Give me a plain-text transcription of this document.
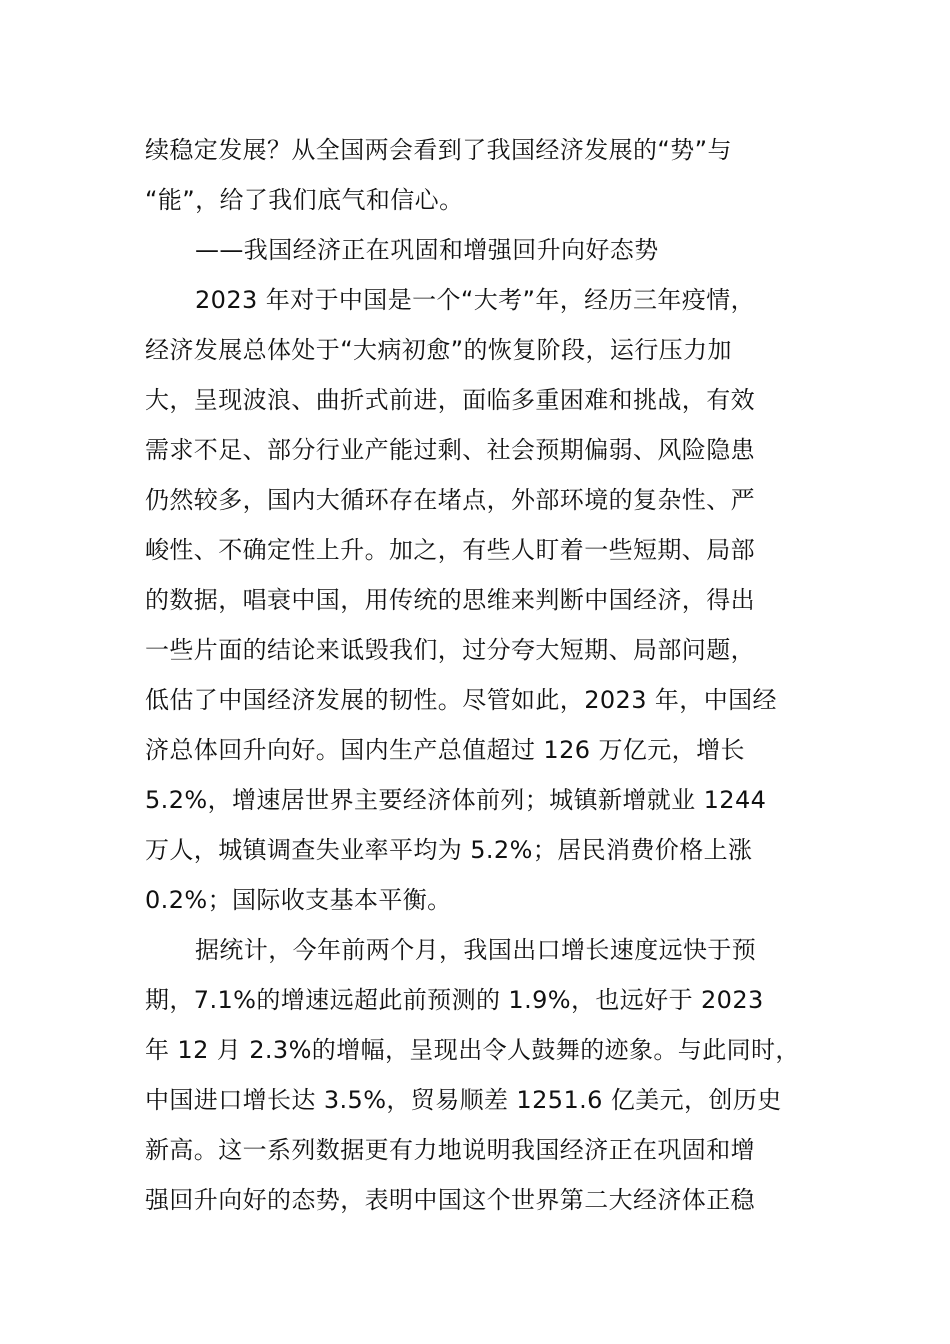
续稳定发展？从全国两会看到了我国经济发展的“势”与
“能”，给了我们底气和信心。
——我国经济正在巩固和增强回升向好态势
2023 年对于中国是一个“大考”年，经历三年疫情，
经济发展总体处于“大病初愈”的恢复阶段，运行压力加
大，呈现波浪、曲折式前进，面临多重困难和挑战，有效
需求不足、部分行业产能过剩、社会预期偏弱、风险隐患
仍然较多，国内大循环存在堵点，外部环境的复杂性、严
峻性、不确定性上升。加之，有些人盯着一些短期、局部
的数据，唱衰中国，用传统的思维来判断中国经济，得出
一些片面的结论来诋毁我们，过分夸大短期、局部问题，
低估了中国经济发展的韧性。尽管如此，2023 年，中国经
济总体回升向好。国内生产总值超过 126 万亿元，增长
5.2%，增速居世界主要经济体前列；城镇新增就业 1244
万人，城镇调查失业率平均为 5.2%；居民消费价格上涨
0.2%；国际收支基本平衡。
据统计，今年前两个月，我国出口增长速度远快于预
期，7.1%的增速远超此前预测的 1.9%，也远好于 2023
年 12 月 2.3%的增幅，呈现出令人鼓舞的迹象。与此同时，
中国进口增长达 3.5%，贸易顺差 1251.6 亿美元，创历史
新高。这一系列数据更有力地说明我国经济正在巩固和增
强回升向好的态势，表明中国这个世界第二大经济体正稳
